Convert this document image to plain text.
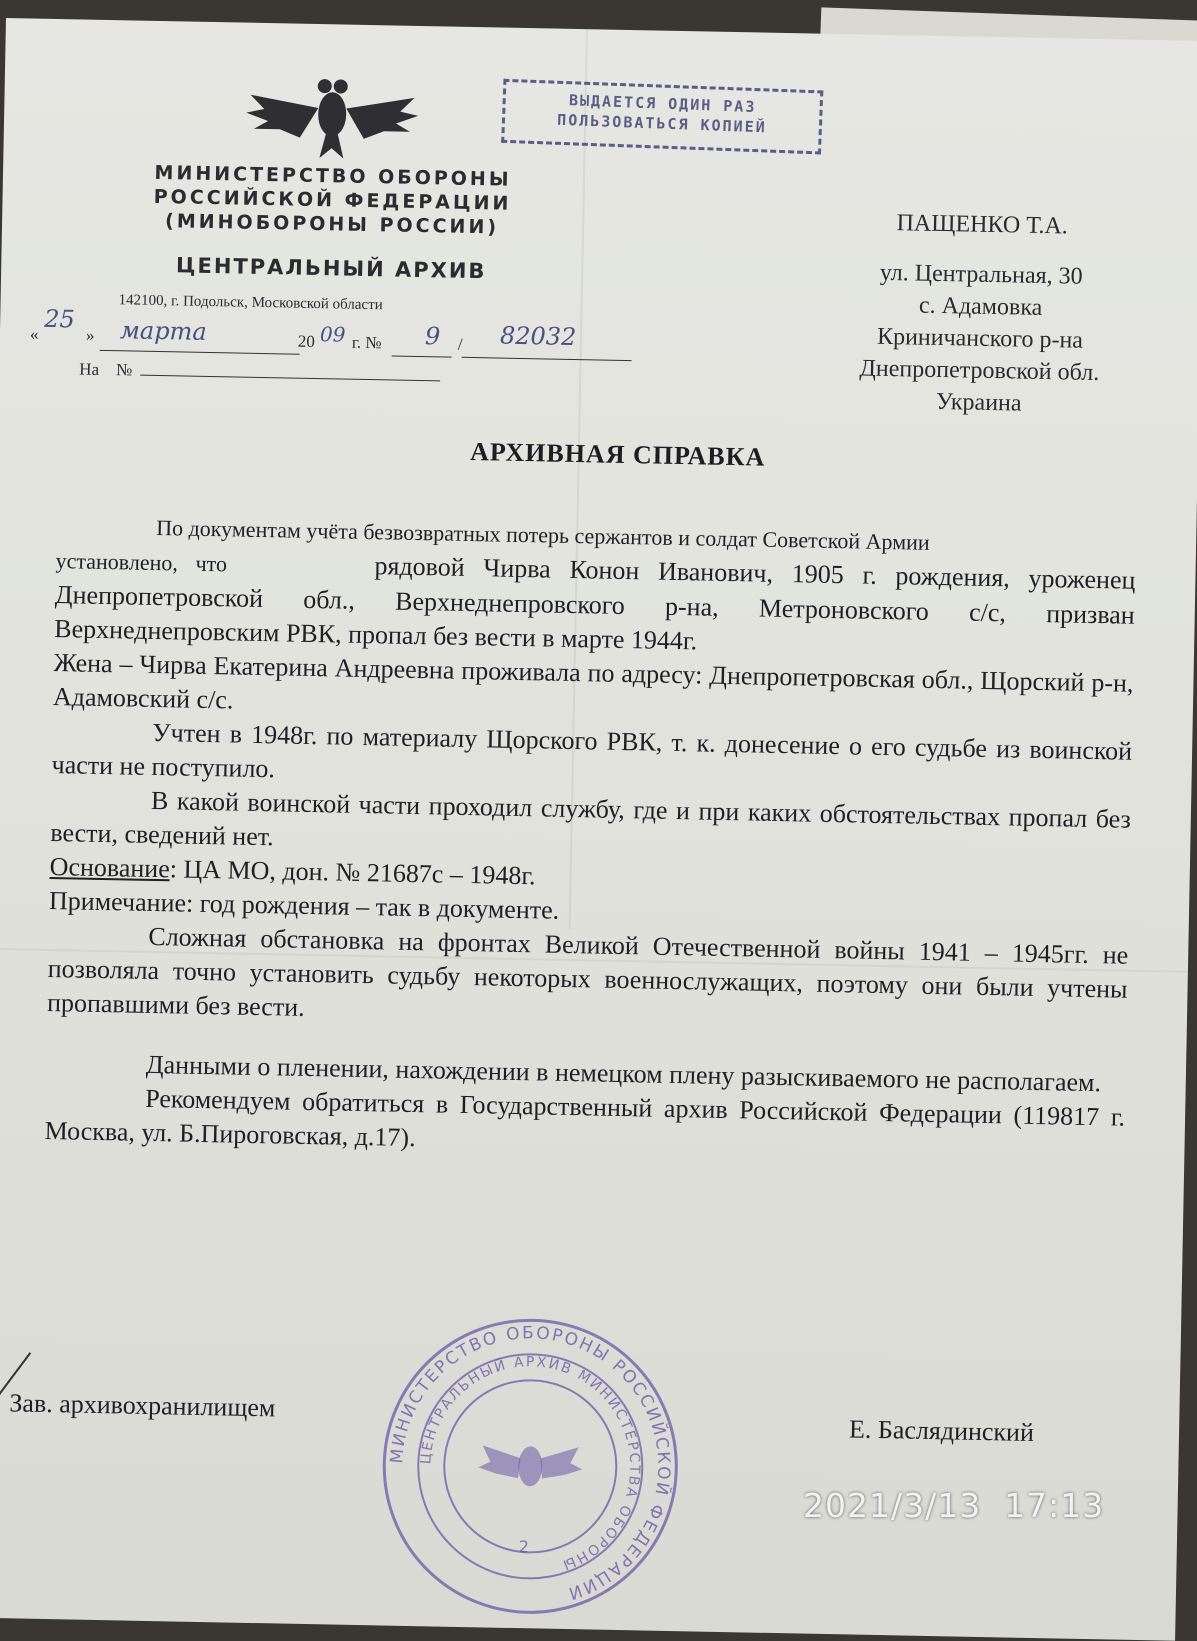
МИНИСТЕРСТВО ОБОРОНЫ
РОССИЙСКОЙ ФЕДЕРАЦИИ
(МИНОБОРОНЫ РОССИИ)
ЦЕНТРАЛЬНЫЙ АРХИВ
142100, г. Подольск, Московской области
ВЫДАЕТСЯ ОДИН РАЗ
ПОЛЬЗОВАТЬСЯ КОПИЕЙ
«
25
» марта	20 09 г. № 9 / 82032
На    №
ПАЩЕНКО Т.А.
ул. Центральная, 30
с. Адамовка
Криничанского р-на
Днепропетровской обл.
Украина
АРХИВНАЯ СПРАВКА

По документам учёта безвозвратных потерь сержантов и солдат Советской Армии

установлено, что	рядовой Чирва Конон Иванович, 1905 г. рождения, уроженец Днепропетровской обл., Верхнеднепровского р-на, Метроновского с/с, призван Верхнеднепровским РВК, пропал без вести в марте 1944г.

Жена – Чирва Екатерина Андреевна проживала по адресу: Днепропетровская обл., Щорский р-н, Адамовский с/с.

Учтен в 1948г. по материалу Щорского РВК, т. к. донесение о его судьбе из воинской части не поступило.

В какой воинской части проходил службу, где и при каких обстоятельствах пропал без вести, сведений нет.

Основание: ЦА МО, дон. № 21687с – 1948г.

Примечание: год рождения – так в документе.

Сложная обстановка на фронтах Великой Отечественной войны 1941 – 1945гг. не позволяла точно установить судьбу некоторых военнослужащих, поэтому они были учтены пропавшими без вести.

Данными о пленении, нахождении в немецком плену разыскиваемого не располагаем.

Рекомендуем обратиться в Государственный архив Российской Федерации (119817 г. Москва, ул. Б.Пироговская, д.17).

Зав. архивохранилищем
Е. Баслядинский
МИНИСТЕРСТВО ОБОРОНЫ РОССИЙСКОЙ ФЕДЕРАЦИИ
ЦЕНТРАЛЬНЫЙ АРХИВ МИНИСТЕРСТВА ОБОРОНЫ
2
2021/3/13  17:13
